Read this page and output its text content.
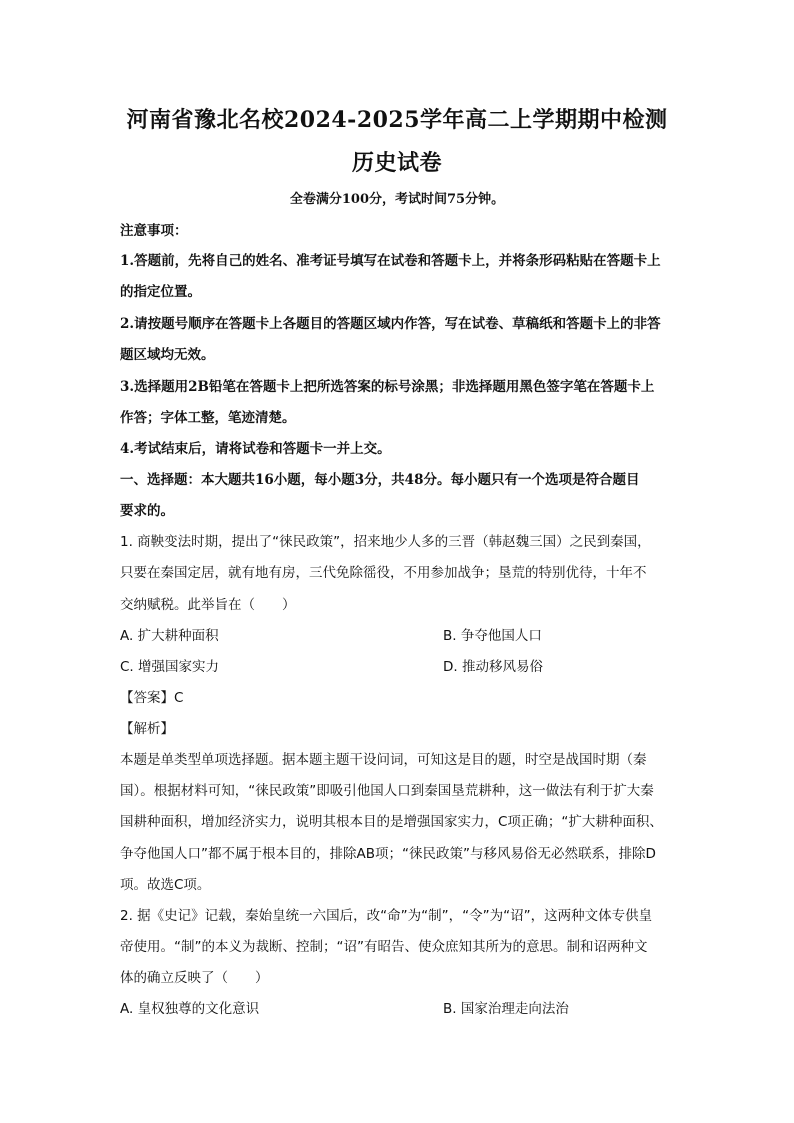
河南省豫北名校2024-2025学年高二上学期期中检测
历史试卷
全卷满分100分，考试时间75分钟。
注意事项：
1.答题前，先将自己的姓名、准考证号填写在试卷和答题卡上，并将条形码粘贴在答题卡上
的指定位置。
2.请按题号顺序在答题卡上各题目的答题区域内作答，写在试卷、草稿纸和答题卡上的非答
题区域均无效。
3.选择题用2B铅笔在答题卡上把所选答案的标号涂黑；非选择题用黑色签字笔在答题卡上
作答；字体工整，笔迹清楚。
4.考试结束后，请将试卷和答题卡一并上交。
一、选择题：本大题共16小题，每小题3分，共48分。每小题只有一个选项是符合题目
要求的。
1. 商鞅变法时期，提出了“徕民政策”，招来地少人多的三晋（韩赵魏三国）之民到秦国，
只要在秦国定居，就有地有房，三代免除徭役，不用参加战争；垦荒的特别优待，十年不
交纳赋税。此举旨在（　　）
A. 扩大耕种面积	B. 争夺他国人口
C. 增强国家实力	D. 推动移风易俗
【答案】C
【解析】
本题是单类型单项选择题。据本题主题干设问词，可知这是目的题，时空是战国时期（秦
国）。根据材料可知，“徕民政策”即吸引他国人口到秦国垦荒耕种，这一做法有利于扩大秦
国耕种面积，增加经济实力，说明其根本目的是增强国家实力，C项正确；“扩大耕种面积、
争夺他国人口”都不属于根本目的，排除AB项；“徕民政策”与移风易俗无必然联系，排除D
项。故选C项。
2. 据《史记》记载，秦始皇统一六国后，改“命”为“制”，“令”为“诏”，这两种文体专供皇
帝使用。“制”的本义为裁断、控制；“诏”有昭告、使众庶知其所为的意思。制和诏两种文
体的确立反映了（　　）
A. 皇权独尊的文化意识	B. 国家治理走向法治
